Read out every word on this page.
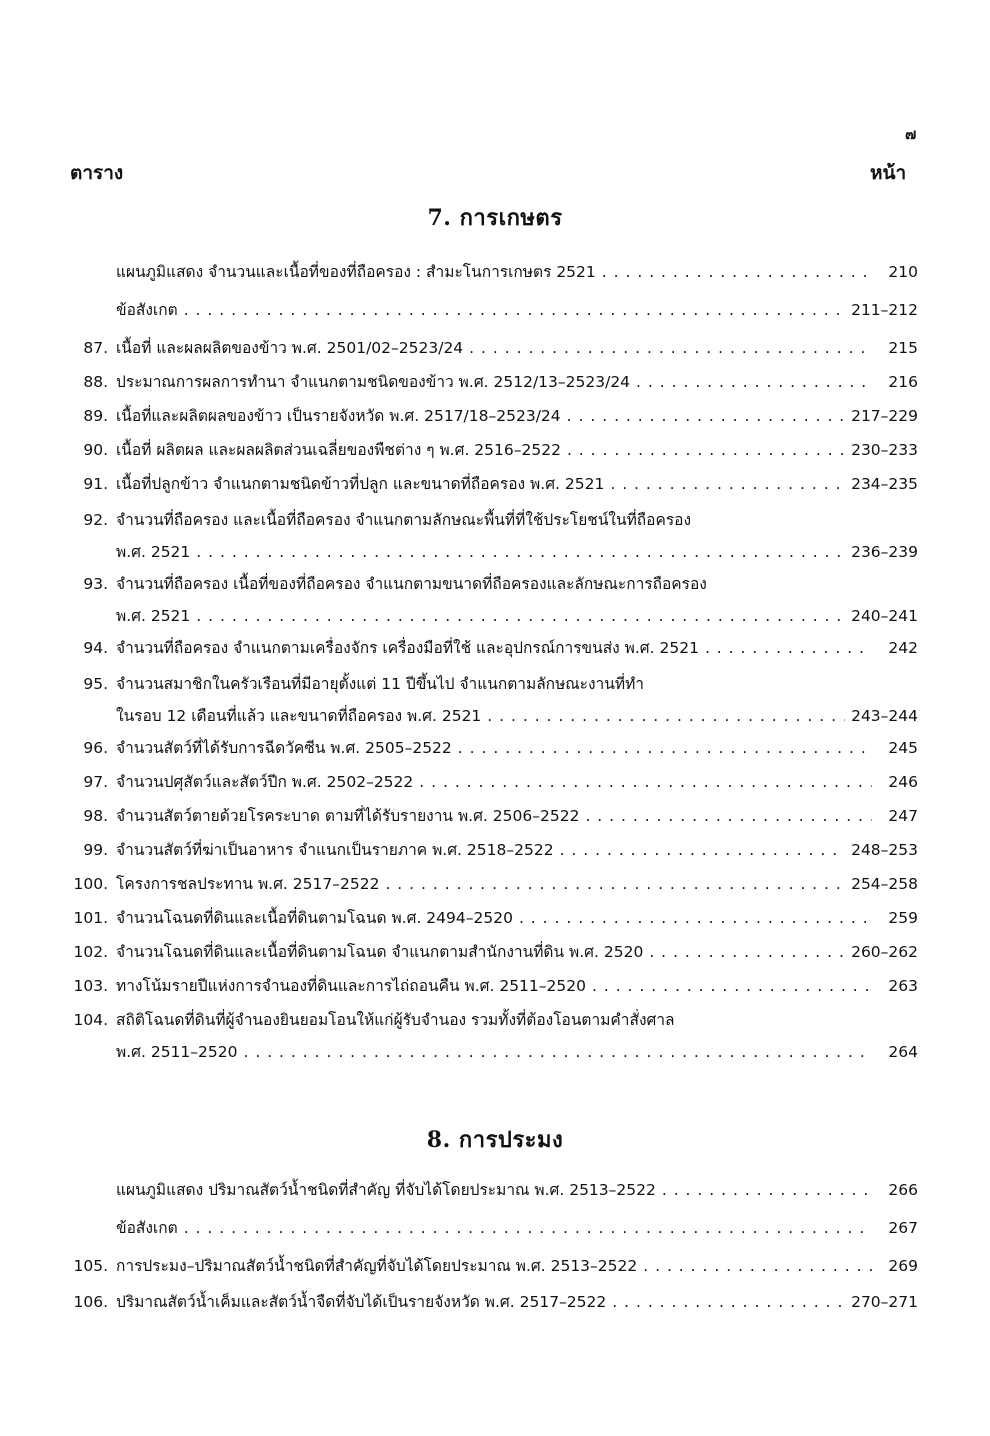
๗
ตาราง	หน้า
7. การเกษตร
แผนภูมิแสดง จำนวนและเนื้อที่ของที่ถือครอง : สำมะโนการเกษตร 2521 . . .	210
ข้อสังเกต . . .	211–212
87. เนื้อที่ และผลผลิตของข้าว พ.ศ. 2501/02–2523/24 . . .	215
88. ประมาณการผลการทำนา จำแนกตามชนิดของข้าว พ.ศ. 2512/13–2523/24 . . .	216
89. เนื้อที่และผลิตผลของข้าว เป็นรายจังหวัด พ.ศ. 2517/18–2523/24 . . .	217–229
90. เนื้อที่ ผลิตผล และผลผลิตส่วนเฉลี่ยของพืชต่าง ๆ พ.ศ. 2516–2522 . . .	230–233
91. เนื้อที่ปลูกข้าว จำแนกตามชนิดข้าวที่ปลูก และขนาดที่ถือครอง พ.ศ. 2521 . . .	234–235
92. จำนวนที่ถือครอง และเนื้อที่ถือครอง จำแนกตามลักษณะพื้นที่ที่ใช้ประโยชน์ในที่ถือครอง
พ.ศ. 2521 . . .	236–239
93. จำนวนที่ถือครอง เนื้อที่ของที่ถือครอง จำแนกตามขนาดที่ถือครองและลักษณะการถือครอง
พ.ศ. 2521 . . .	240–241
94. จำนวนที่ถือครอง จำแนกตามเครื่องจักร เครื่องมือที่ใช้ และอุปกรณ์การขนส่ง พ.ศ. 2521 . . .	242
95. จำนวนสมาชิกในครัวเรือนที่มีอายุตั้งแต่ 11 ปีขึ้นไป จำแนกตามลักษณะงานที่ทำ
ในรอบ 12 เดือนที่แล้ว และขนาดที่ถือครอง พ.ศ. 2521 . . .	243–244
96. จำนวนสัตว์ที่ได้รับการฉีดวัคซีน พ.ศ. 2505–2522 . . .	245
97. จำนวนปศุสัตว์และสัตว์ปีก พ.ศ. 2502–2522 . . .	246
98. จำนวนสัตว์ตายด้วยโรคระบาด ตามที่ได้รับรายงาน พ.ศ. 2506–2522 . . .	247
99. จำนวนสัตว์ที่ฆ่าเป็นอาหาร จำแนกเป็นรายภาค พ.ศ. 2518–2522 . . .	248–253
100. โครงการชลประทาน พ.ศ. 2517–2522 . . .	254–258
101. จำนวนโฉนดที่ดินและเนื้อที่ดินตามโฉนด พ.ศ. 2494–2520 . . .	259
102. จำนวนโฉนดที่ดินและเนื้อที่ดินตามโฉนด จำแนกตามสำนักงานที่ดิน พ.ศ. 2520 . . .	260–262
103. ทางโน้มรายปีแห่งการจำนองที่ดินและการไถ่ถอนคืน พ.ศ. 2511–2520 . . .	263
104. สถิติโฉนดที่ดินที่ผู้จำนองยินยอมโอนให้แก่ผู้รับจำนอง รวมทั้งที่ต้องโอนตามคำสั่งศาล
พ.ศ. 2511–2520 . . .	264
8. การประมง
แผนภูมิแสดง ปริมาณสัตว์น้ำชนิดที่สำคัญ ที่จับได้โดยประมาณ พ.ศ. 2513–2522 . . .	266
ข้อสังเกต . . .	267
105. การประมง–ปริมาณสัตว์น้ำชนิดที่สำคัญที่จับได้โดยประมาณ พ.ศ. 2513–2522 . . .	269
106. ปริมาณสัตว์น้ำเค็มและสัตว์น้ำจืดที่จับได้เป็นรายจังหวัด พ.ศ. 2517–2522 . . .	270–271
